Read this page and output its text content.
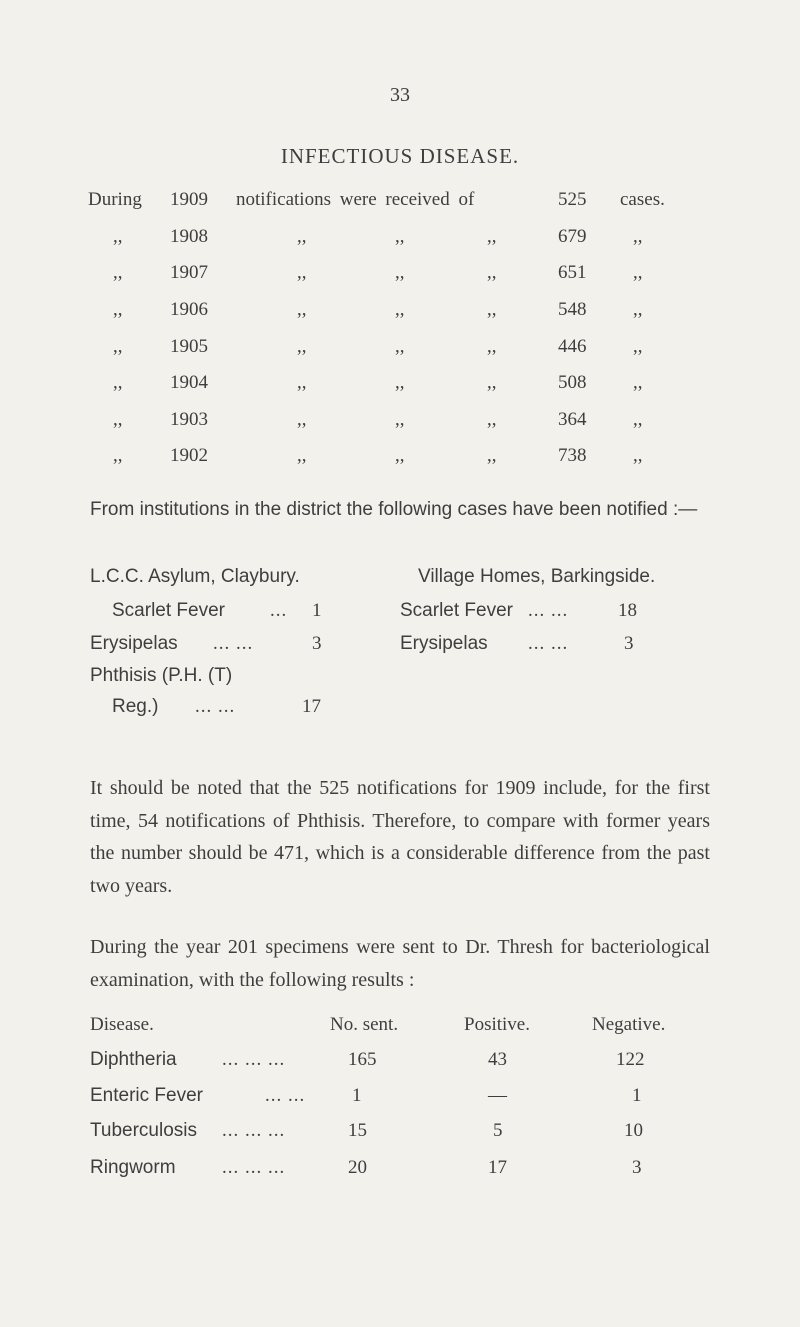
33
INFECTIOUS DISEASE.
During 1909 notifications were received of	525 cases.
,,	1908	,,	,,	,,	679 ,,
,,	1907	,,	,,	,,	651 ,,
,,	1906	,,	,,	,,	548 ,,
,,	1905	,,	,,	,,	446 ,,
,,	1904	,,	,,	,,	508 ,,
,,	1903	,,	,,	,,	364 ,,
,,	1902	,,	,,	,,	738 ,,
From institutions in the district the following cases have been notified :—
L.C.C. Asylum, Claybury.	Village Homes, Barkingside.
Scarlet Fever ... 1	Scarlet Fever ... ...	18
Erysipelas ... ...	3	Erysipelas ... ...	3
Phthisis (P.H. (T)
Reg.) ... ...	17
It should be noted that the 525 notifications for 1909 include, for the first time, 54 notifications of Phthisis. Therefore, to compare with former years the number should be 471, which is a considerable difference from the past two years.
During the year 201 specimens were sent to Dr. Thresh for bacteriological examination, with the following results :
Disease.	No. sent.	Positive.	Negative.
Diphtheria ... ... ...	165	43	122
Enteric Fever	... ... 1	—	1
Tuberculosis ... ... ...	15	5	10
Ringworm ... ... ...	20	17	3
